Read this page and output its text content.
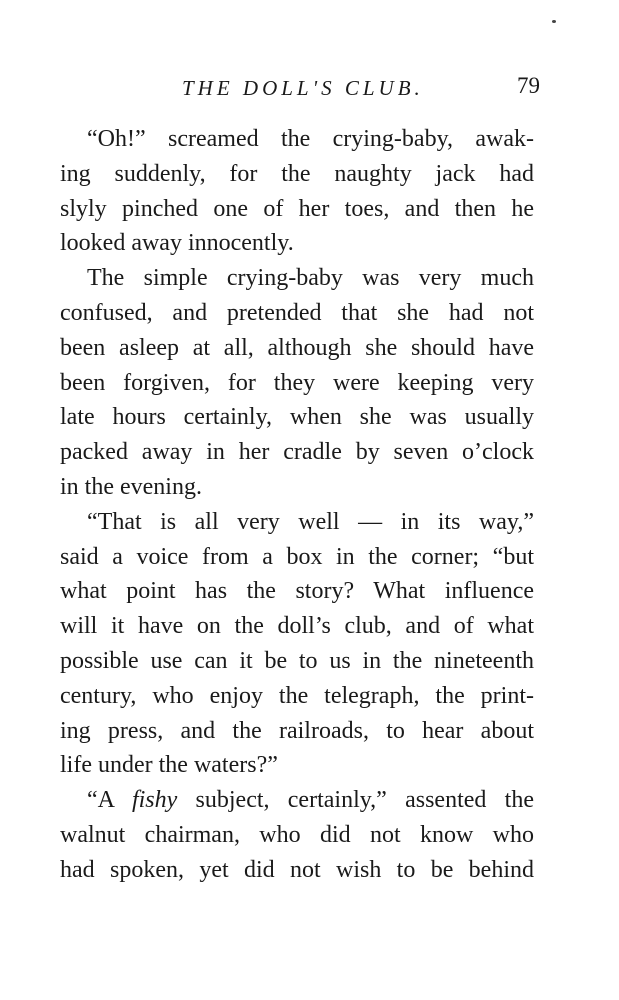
THE DOLL'S CLUB.	79
“Oh!” screamed the crying-baby, awak-
ing suddenly, for the naughty jack had
slyly pinched one of her toes, and then he
looked away innocently.
The simple crying-baby was very much
confused, and pretended that she had not
been asleep at all, although she should have
been forgiven, for they were keeping very
late hours certainly, when she was usually
packed away in her cradle by seven o’clock
in the evening.
“That is all very well — in its way,”
said a voice from a box in the corner; “but
what point has the story? What influence
will it have on the doll’s club, and of what
possible use can it be to us in the nineteenth
century, who enjoy the telegraph, the print-
ing press, and the railroads, to hear about
life under the waters?”
“A fishy subject, certainly,” assented the
walnut chairman, who did not know who
had spoken, yet did not wish to be behind
